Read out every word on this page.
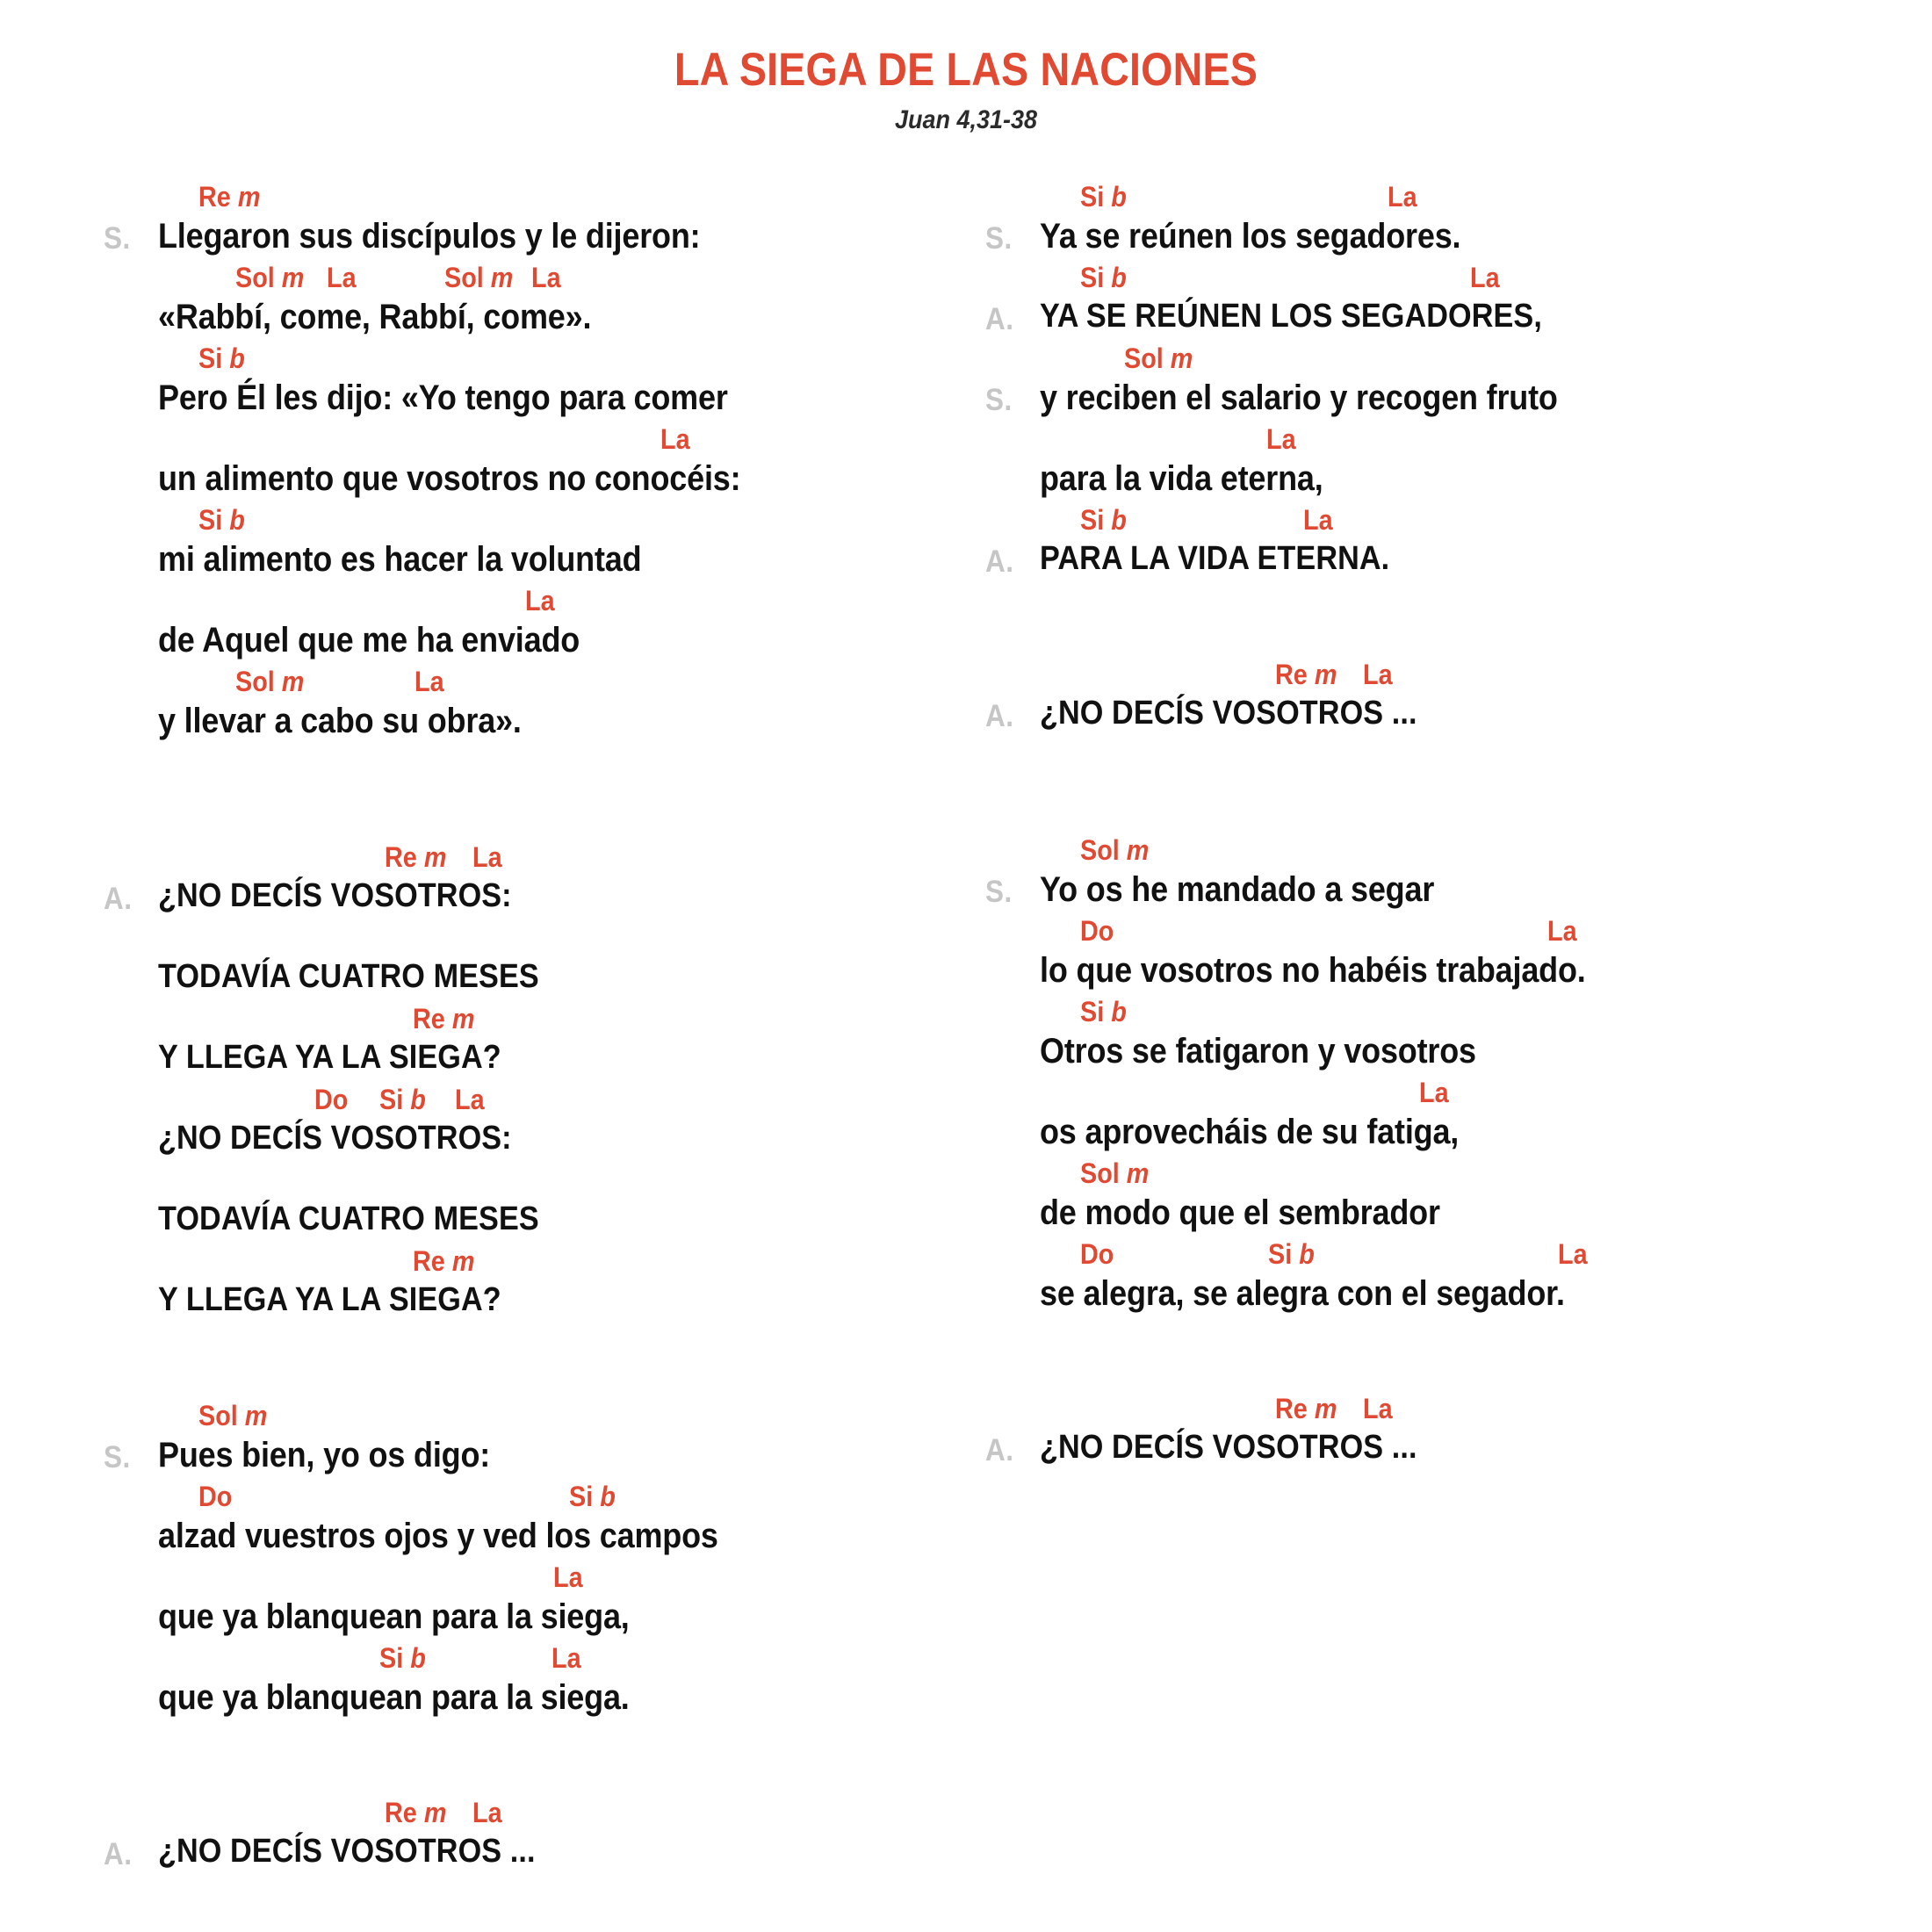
LA SIEGA DE LAS NACIONES
Juan 4,31-38
S.
Re m
Llegaron sus discípulos y le dijeron:
Sol m La	Sol m La
«Rabbí, come, Rabbí, come».
Si b
Pero Él les dijo: «Yo tengo para comer
La
un alimento que vosotros no conocéis:
Si b
mi alimento es hacer la voluntad
La
de Aquel que me ha enviado
Sol m	La
y llevar a cabo su obra».
A.
Re m La
¿NO DECÍS VOSOTROS:
TODAVÍA CUATRO MESES
Re m
Y LLEGA YA LA SIEGA?
Do Si b La
¿NO DECÍS VOSOTROS:
TODAVÍA CUATRO MESES
Re m
Y LLEGA YA LA SIEGA?
S.
Sol m
Pues bien, yo os digo:
Do	Si b
alzad vuestros ojos y ved los campos
La
que ya blanquean para la siega,
Si b	La
que ya blanquean para la siega.
A.
Re m La
¿NO DECÍS VOSOTROS ...
S.
Si b	La
Ya se reúnen los segadores.
A.
Si b	La
YA SE REÚNEN LOS SEGADORES,
S.
Sol m
y reciben el salario y recogen fruto
La
para la vida eterna,
A.
Si b	La
PARA LA VIDA ETERNA.
A.
Re m La
¿NO DECÍS VOSOTROS ...
S.
Sol m
Yo os he mandado a segar
Do	La
lo que vosotros no habéis trabajado.
Si b
Otros se fatigaron y vosotros
La
os aprovecháis de su fatiga,
Sol m
de modo que el sembrador
Do	Si b	La
se alegra, se alegra con el segador.
A.
Re m La
¿NO DECÍS VOSOTROS ...
